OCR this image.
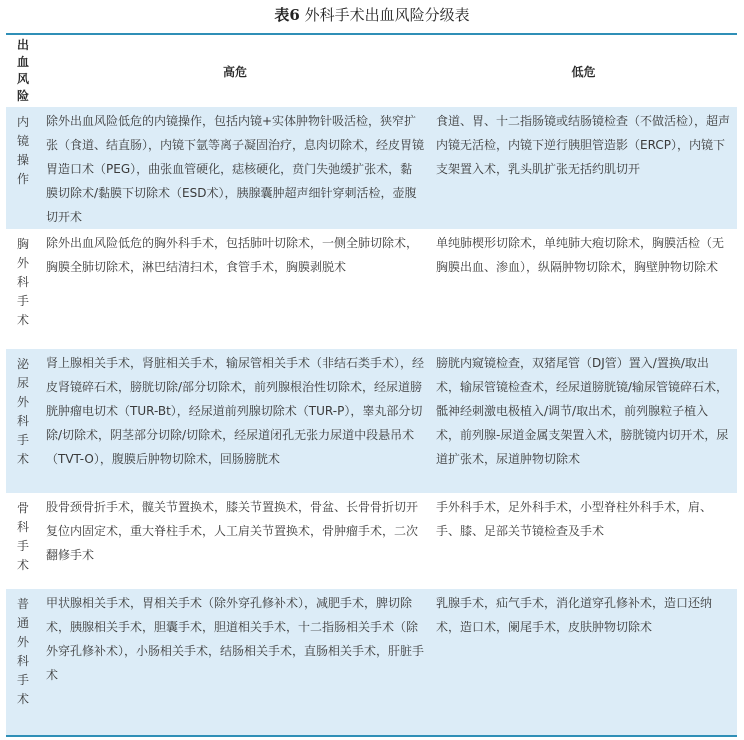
表6 外科手术出血风险分级表
出血风险	高危	低危

内镜操作	除外出血风险低危的内镜操作，包括内镜+实体肿物针吸活检，狭窄扩张（食道、结直肠），内镜下氩等离子凝固治疗，息肉切除术，经皮胃镜胃造口术（PEG），曲张血管硬化，痣核硬化，贲门失弛缓扩张术，黏膜切除术/黏膜下切除术（ESD术），胰腺囊肿超声细针穿刺活检，壶腹切开术	食道、胃、十二指肠镜或结肠镜检查（不做活检），超声内镜无活检，内镜下逆行胰胆管造影（ERCP），内镜下支架置入术，乳头肌扩张无括约肌切开

胸外科手术	除外出血风险低危的胸外科手术，包括肺叶切除术，一侧全肺切除术，胸膜全肺切除术，淋巴结清扫术，食管手术，胸膜剥脱术	单纯肺楔形切除术，单纯肺大疱切除术，胸膜活检（无胸膜出血、渗血），纵隔肿物切除术，胸壁肿物切除术

泌尿外科手术	肾上腺相关手术，肾脏相关手术，输尿管相关手术（非结石类手术），经皮肾镜碎石术，膀胱切除/部分切除术，前列腺根治性切除术，经尿道膀胱肿瘤电切术（TUR-Bt），经尿道前列腺切除术（TUR-P），睾丸部分切除/切除术，阴茎部分切除/切除术，经尿道闭孔无张力尿道中段悬吊术（TVT-O），腹膜后肿物切除术，回肠膀胱术	膀胱内窥镜检查，双猪尾管（DJ管）置入/置换/取出术，输尿管镜检查术，经尿道膀胱镜/输尿管镜碎石术，骶神经刺激电极植入/调节/取出术，前列腺粒子植入术，前列腺-尿道金属支架置入术，膀胱镜内切开术，尿道扩张术，尿道肿物切除术

骨科手术	股骨颈骨折手术，髋关节置换术，膝关节置换术，骨盆、长骨骨折切开复位内固定术，重大脊柱手术，人工肩关节置换术，骨肿瘤手术，二次翻修手术	手外科手术，足外科手术，小型脊柱外科手术，肩、手、膝、足部关节镜检查及手术

普通外科手术	甲状腺相关手术，胃相关手术（除外穿孔修补术），减肥手术，脾切除术，胰腺相关手术，胆囊手术，胆道相关手术，十二指肠相关手术（除外穿孔修补术），小肠相关手术，结肠相关手术，直肠相关手术，肝脏手术	乳腺手术，疝气手术，消化道穿孔修补术，造口还纳术，造口术，阑尾手术，皮肤肿物切除术
